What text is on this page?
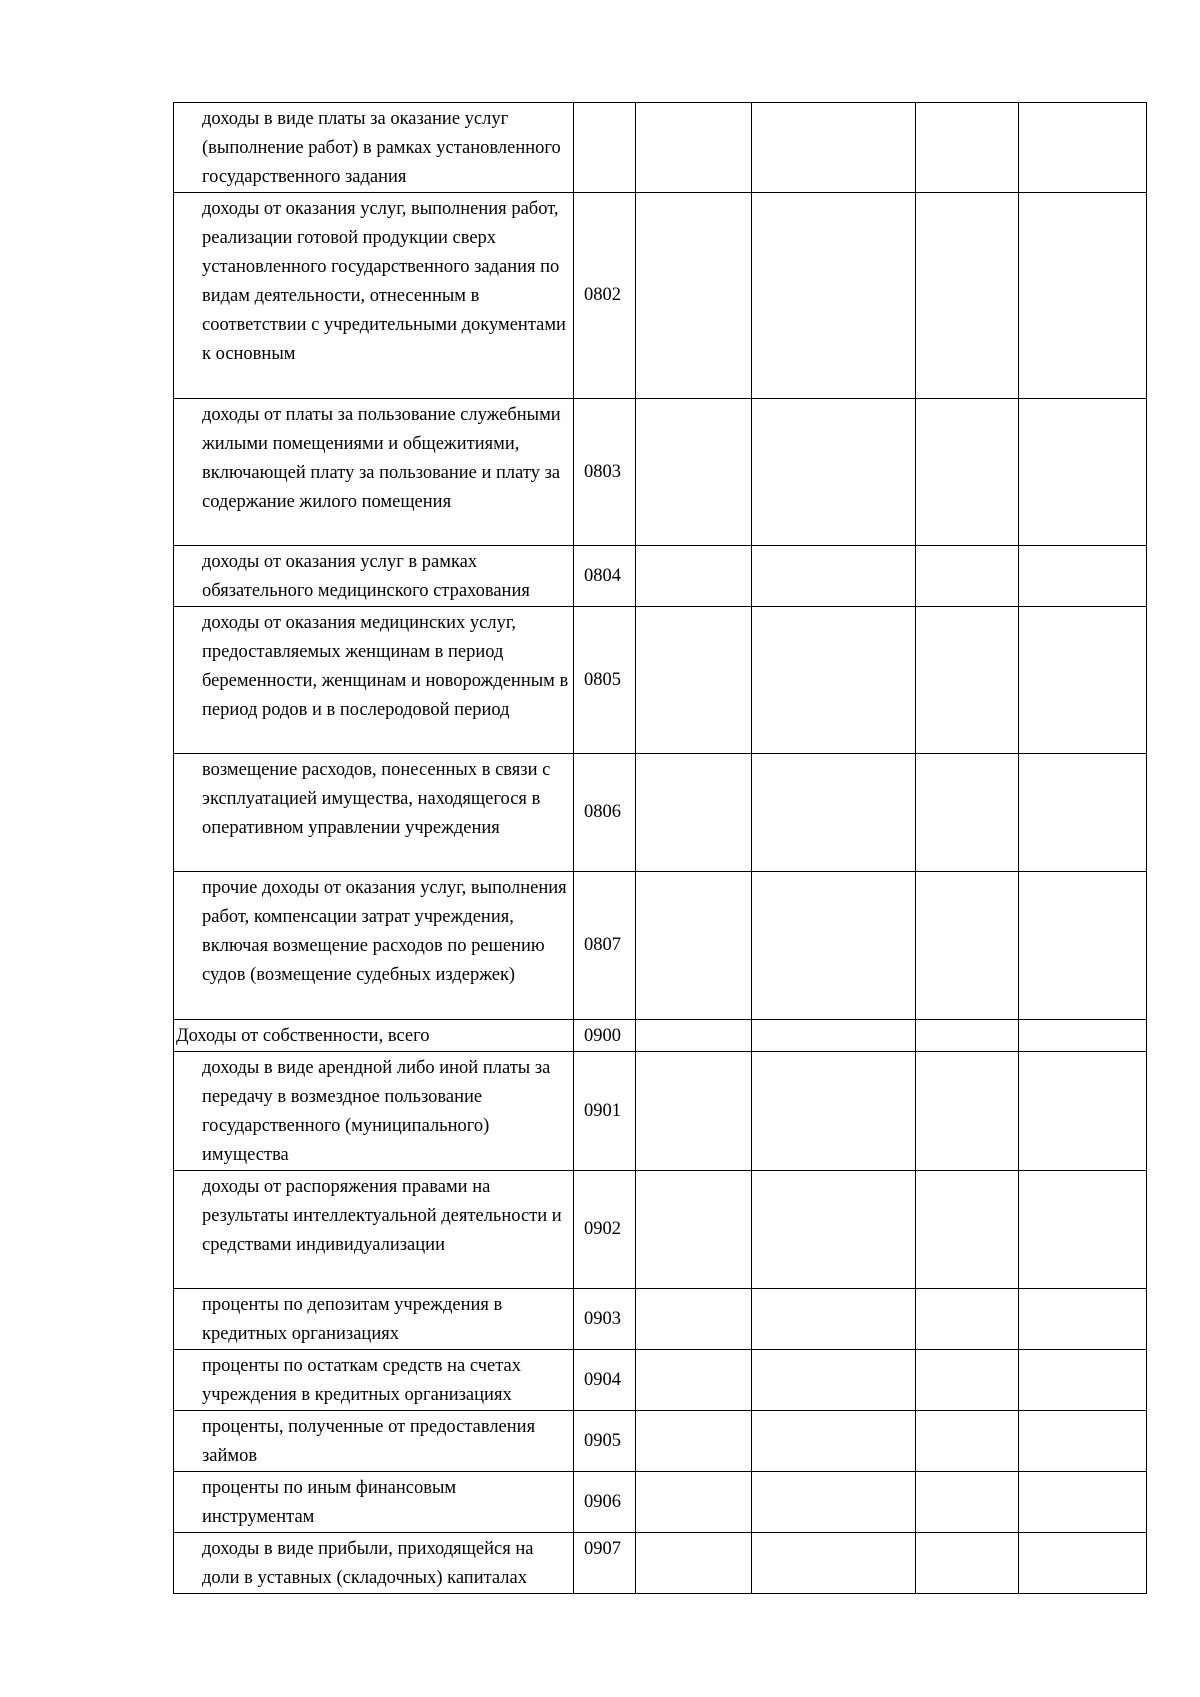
доходы в виде платы за оказание услуг (выполнение работ) в рамках установленного государственного задания					
доходы от оказания услуг, выполнения работ, реализации готовой продукции сверх установленного государственного задания по видам деятельности, отнесенным в соответствии с учредительными документами к основным	0802				
доходы от платы за пользование служебными жилыми помещениями и общежитиями, включающей плату за пользование и плату за содержание жилого помещения	0803				
доходы от оказания услуг в рамках обязательного медицинского страхования	0804				
доходы от оказания медицинских услуг, предоставляемых женщинам в период беременности, женщинам и новорожденным в период родов и в послеродовой период	0805				
возмещение расходов, понесенных в связи с эксплуатацией имущества, находящегося в оперативном управлении учреждения	0806				
прочие доходы от оказания услуг, выполнения работ, компенсации затрат учреждения, включая возмещение расходов по решению судов (возмещение судебных издержек)	0807				
Доходы от собственности, всего	0900				
доходы в виде арендной либо иной платы за передачу в возмездное пользование государственного (муниципального) имущества	0901				
доходы от распоряжения правами на результаты интеллектуальной деятельности и средствами индивидуализации	0902				
проценты по депозитам учреждения в кредитных организациях	0903				
проценты по остаткам средств на счетах учреждения в кредитных организациях	0904				
проценты, полученные от предоставления займов	0905				
проценты по иным финансовым инструментам	0906				
доходы в виде прибыли, приходящейся на доли в уставных (складочных) капиталах	0907				
